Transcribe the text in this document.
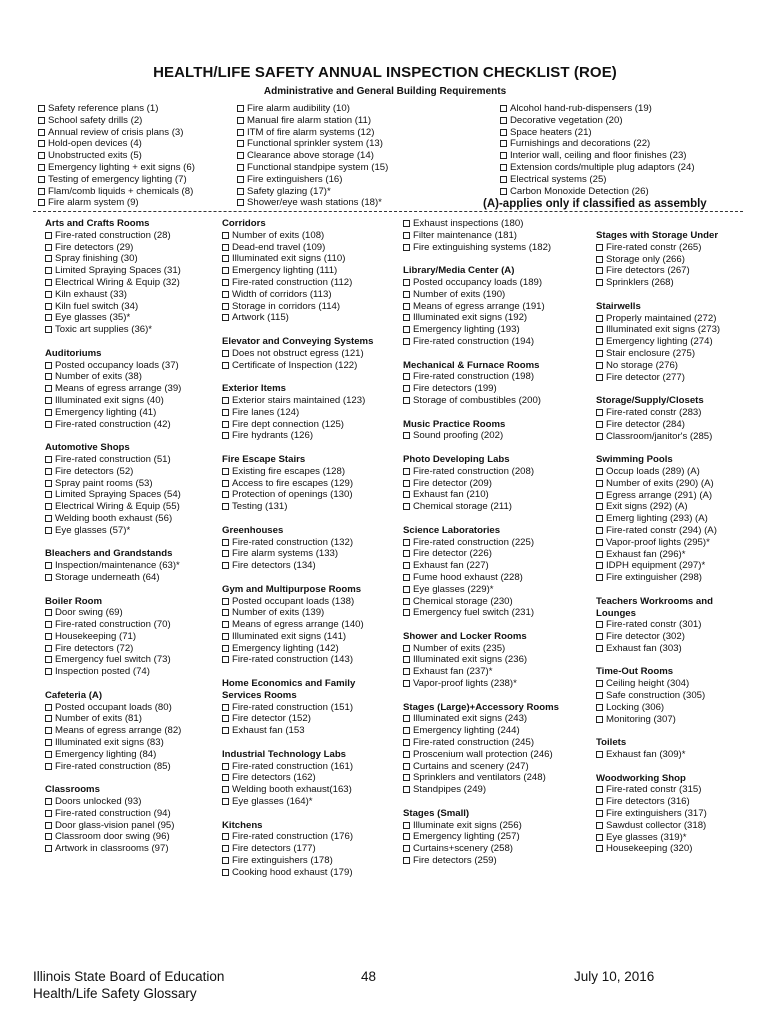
HEALTH/LIFE SAFETY ANNUAL INSPECTION CHECKLIST (ROE)
Administrative and General Building Requirements
Safety reference plans (1)
School safety drills (2)
Annual review of crisis plans (3)
Hold-open devices (4)
Unobstructed exits (5)
Emergency lighting + exit signs (6)
Testing of emergency lighting (7)
Flam/comb liquids + chemicals (8)
Fire alarm system (9)
Fire alarm audibility (10)
Manual fire alarm station (11)
ITM of fire alarm systems (12)
Functional sprinkler system (13)
Clearance above storage (14)
Functional standpipe system (15)
Fire extinguishers (16)
Safety glazing (17)*
Shower/eye wash stations (18)*
Alcohol hand-rub-dispensers (19)
Decorative vegetation (20)
Space heaters (21)
Furnishings and decorations (22)
Interior wall, ceiling and floor finishes (23)
Extension cords/multiple plug adaptors (24)
Electrical systems (25)
Carbon Monoxide Detection (26)
(A)-applies only if classified as assembly
Arts and Crafts Rooms
Fire-rated construction (28)
Fire detectors (29)
Spray finishing (30)
Limited Spraying Spaces (31)
Electrical Wiring & Equip (32)
Kiln exhaust (33)
Kiln fuel switch (34)
Eye glasses (35)*
Toxic art supplies (36)*
Auditoriums
Posted occupancy loads (37)
Number of exits (38)
Means of egress arrange (39)
Illuminated exit signs (40)
Emergency lighting (41)
Fire-rated construction (42)
Automotive Shops
Fire-rated construction (51)
Fire detectors (52)
Spray paint rooms (53)
Limited Spraying Spaces (54)
Electrical Wiring & Equip (55)
Welding booth exhaust (56)
Eye glasses (57)*
Bleachers and Grandstands
Inspection/maintenance (63)*
Storage underneath (64)
Boiler Room
Door swing (69)
Fire-rated construction (70)
Housekeeping (71)
Fire detectors (72)
Emergency fuel switch (73)
Inspection posted (74)
Cafeteria (A)
Posted occupant loads (80)
Number of exits (81)
Means of egress arrange (82)
Illuminated exit signs (83)
Emergency lighting (84)
Fire-rated construction (85)
Classrooms
Doors unlocked (93)
Fire-rated construction (94)
Door glass-vision panel (95)
Classroom door swing (96)
Artwork in classrooms (97)
Corridors
Number of exits (108)
Dead-end travel (109)
Illuminated exit signs (110)
Emergency lighting (111)
Fire-rated construction (112)
Width of corridors (113)
Storage in corridors (114)
Artwork (115)
Elevator and Conveying Systems
Does not obstruct egress (121)
Certificate of Inspection (122)
Exterior Items
Exterior stairs maintained (123)
Fire lanes (124)
Fire dept connection (125)
Fire hydrants (126)
Fire Escape Stairs
Existing fire escapes (128)
Access to fire escapes (129)
Protection of openings (130)
Testing (131)
Greenhouses
Fire-rated construction (132)
Fire alarm systems (133)
Fire detectors (134)
Gym and Multipurpose Rooms
Posted occupant loads (138)
Number of exits (139)
Means of egress arrange (140)
Illuminated exit signs (141)
Emergency lighting (142)
Fire-rated construction (143)
Home Economics and Family Services Rooms
Fire-rated construction (151)
Fire detector (152)
Exhaust fan (153
Industrial Technology Labs
Fire-rated construction (161)
Fire detectors (162)
Welding booth exhaust(163)
Eye glasses (164)*
Kitchens
Fire-rated construction (176)
Fire detectors (177)
Fire extinguishers (178)
Cooking hood exhaust (179)
Exhaust inspections (180)
Filter maintenance (181)
Fire extinguishing systems (182)
Library/Media Center (A)
Posted occupancy loads (189)
Number of exits (190)
Means of egress arrange (191)
Illuminated exit signs (192)
Emergency lighting (193)
Fire-rated construction (194)
Mechanical & Furnace Rooms
Fire-rated construction (198)
Fire detectors (199)
Storage of combustibles (200)
Music Practice Rooms
Sound proofing (202)
Photo Developing Labs
Fire-rated construction (208)
Fire detector (209)
Exhaust fan (210)
Chemical storage (211)
Science Laboratories
Fire-rated construction (225)
Fire detector (226)
Exhaust fan (227)
Fume hood exhaust (228)
Eye glasses (229)*
Chemical storage (230)
Emergency fuel switch (231)
Shower and Locker Rooms
Number of exits (235)
Illuminated exit signs (236)
Exhaust fan (237)*
Vapor-proof lights (238)*
Stages (Large)+Accessory Rooms
Illuminated exit signs (243)
Emergency lighting (244)
Fire-rated construction (245)
Proscenium wall protection (246)
Curtains and scenery (247)
Sprinklers and ventilators (248)
Standpipes (249)
Stages (Small)
Illuminate exit signs (256)
Emergency lighting (257)
Curtains+scenery (258)
Fire detectors (259)
Stages with Storage Under
Fire-rated constr (265)
Storage only (266)
Fire detectors (267)
Sprinklers (268)
Stairwells
Properly maintained (272)
Illuminated exit signs (273)
Emergency lighting (274)
Stair enclosure (275)
No storage (276)
Fire detector (277)
Storage/Supply/Closets
Fire-rated constr (283)
Fire detector (284)
Classroom/janitor's (285)
Swimming Pools
Occup loads (289) (A)
Number of exits (290) (A)
Egress arrange (291) (A)
Exit signs (292) (A)
Emerg lighting (293) (A)
Fire-rated constr (294) (A)
Vapor-proof lights (295)*
Exhaust fan (296)*
IDPH equipment (297)*
Fire extinguisher (298)
Teachers Workrooms and Lounges
Fire-rated constr (301)
Fire detector (302)
Exhaust fan (303)
Time-Out Rooms
Ceiling height (304)
Safe construction (305)
Locking (306)
Monitoring (307)
Toilets
Exhaust fan (309)*
Woodworking Shop
Fire-rated constr (315)
Fire detectors (316)
Fire extinguishers (317)
Sawdust collector (318)
Eye glasses (319)*
Housekeeping (320)
Illinois State Board of Education
Health/Life Safety Glossary
48	July 10, 2016
